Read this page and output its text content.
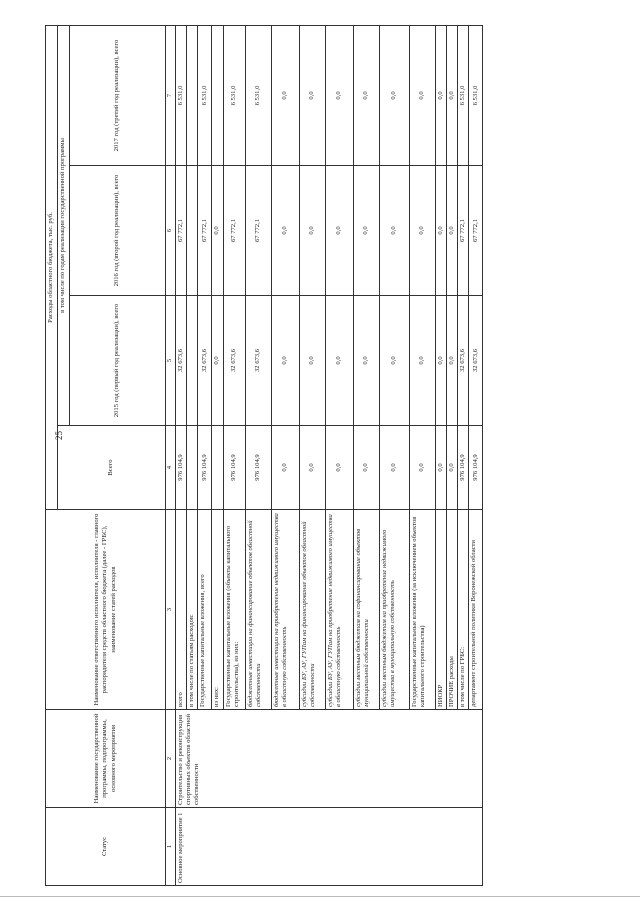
Статус	Наименование государственной программы, подпрограммы, основного мероприятия	Наименование ответственного исполнителя, исполнителя - главного распорядителя средств областного бюджета (далее - ГРБС), наименование статей расходов	Расходы областного бюджета, тыс. руб.			
			Всего	в том числе по годам реализации государственной программы		
				2015 год (первый год реализации), всего	2016 год (второй год реализации), всего	2017 год (третий год реализации), всего
1	2	3	4	5	6	7
Основное мероприятие 1	Строительство и реконструкция спортивных объектов областной собственности	всего	976 104,9	32 673,6	67 772,1	6 531,0
		в том числе по статьям расходов:				
		Государственные капитальные вложения, всего	976 104,9	32 673,6	67 772,1	6 531,0
		из них:		0,0	0,0	
		Государственные капитальные вложения (объекты капитального строительства), из них:	976 104,9	32 673,6	67 772,1	6 531,0
		бюджетные инвестиции на финансирование объектов областной собственности	976 104,9	32 673,6	67 772,1	6 531,0
		бюджетные инвестиции на приобретение недвижимого имущества в областную собственность	0,0	0,0	0,0	0,0
		субсидии БУ, АУ, ГУПам на финансирование объектов областной собственности	0,0	0,0	0,0	0,0
		субсидии БУ, АУ, ГУПам на приобретение недвижимого имущества в областную собственность	0,0	0,0	0,0	0,0
		субсидии местным бюджетам на софинансирование объектов муниципальной собственности	0,0	0,0	0,0	0,0
		субсидии местным бюджетам на приобретение недвижимого имущества в муниципальную собственность	0,0	0,0	0,0	0,0
		Государственные капитальные вложения (за исключением объектов капитального строительства)	0,0	0,0	0,0	0,0
		НИОКР	0,0	0,0	0,0	0,0
		ПРОЧИЕ расходы	0,0	0,0	0,0	0,0
		в том числе по ГРБС:	976 104,9	32 673,6	67 772,1	6 531,0
		департамент строительной политики Воронежской области	976 104,9	32 673,6	67 772,1	6 531,0
25
